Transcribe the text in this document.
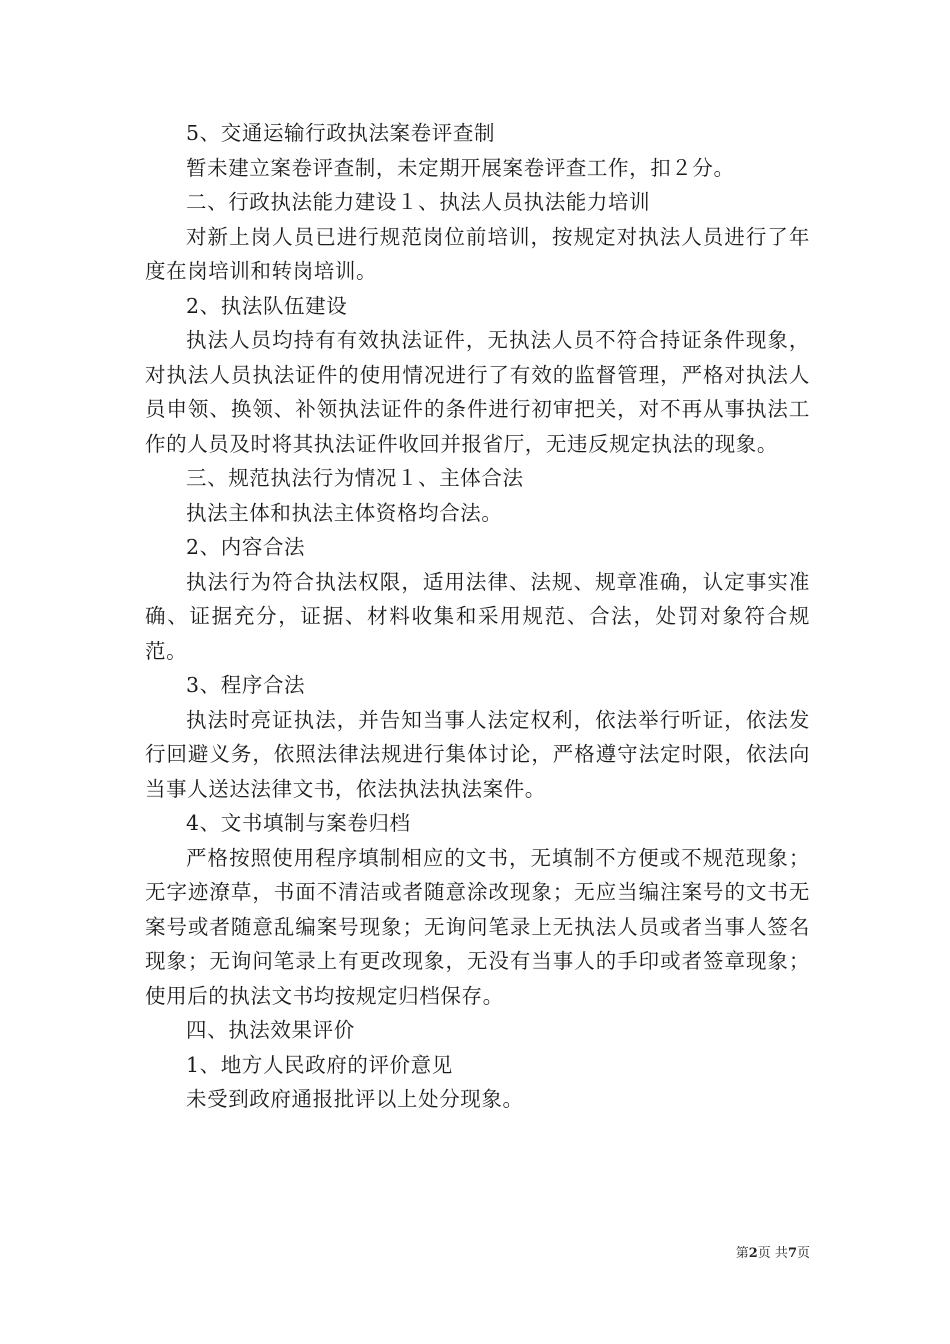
5、交通运输行政执法案卷评查制

暂未建立案卷评查制，未定期开展案卷评查工作，扣２分。

二、行政执法能力建设１、执法人员执法能力培训

对新上岗人员已进行规范岗位前培训，按规定对执法人员进行了年度在岗培训和转岗培训。

2、执法队伍建设

执法人员均持有有效执法证件，无执法人员不符合持证条件现象，对执法人员执法证件的使用情况进行了有效的监督管理，严格对执法人员申领、换领、补领执法证件的条件进行初审把关，对不再从事执法工作的人员及时将其执法证件收回并报省厅，无违反规定执法的现象。

三、规范执法行为情况１、主体合法

执法主体和执法主体资格均合法。

2、内容合法

执法行为符合执法权限，适用法律、法规、规章准确，认定事实准确、证据充分，证据、材料收集和采用规范、合法，处罚对象符合规范。

3、程序合法

执法时亮证执法，并告知当事人法定权利，依法举行听证，依法发行回避义务，依照法律法规进行集体讨论，严格遵守法定时限，依法向当事人送达法律文书，依法执法执法案件。

4、文书填制与案卷归档

严格按照使用程序填制相应的文书，无填制不方便或不规范现象；无字迹潦草，书面不清洁或者随意涂改现象；无应当编注案号的文书无案号或者随意乱编案号现象；无询问笔录上无执法人员或者当事人签名现象；无询问笔录上有更改现象，无没有当事人的手印或者签章现象；使用后的执法文书均按规定归档保存。

四、执法效果评价

1、地方人民政府的评价意见

未受到政府通报批评以上处分现象。

第2页 共7页
